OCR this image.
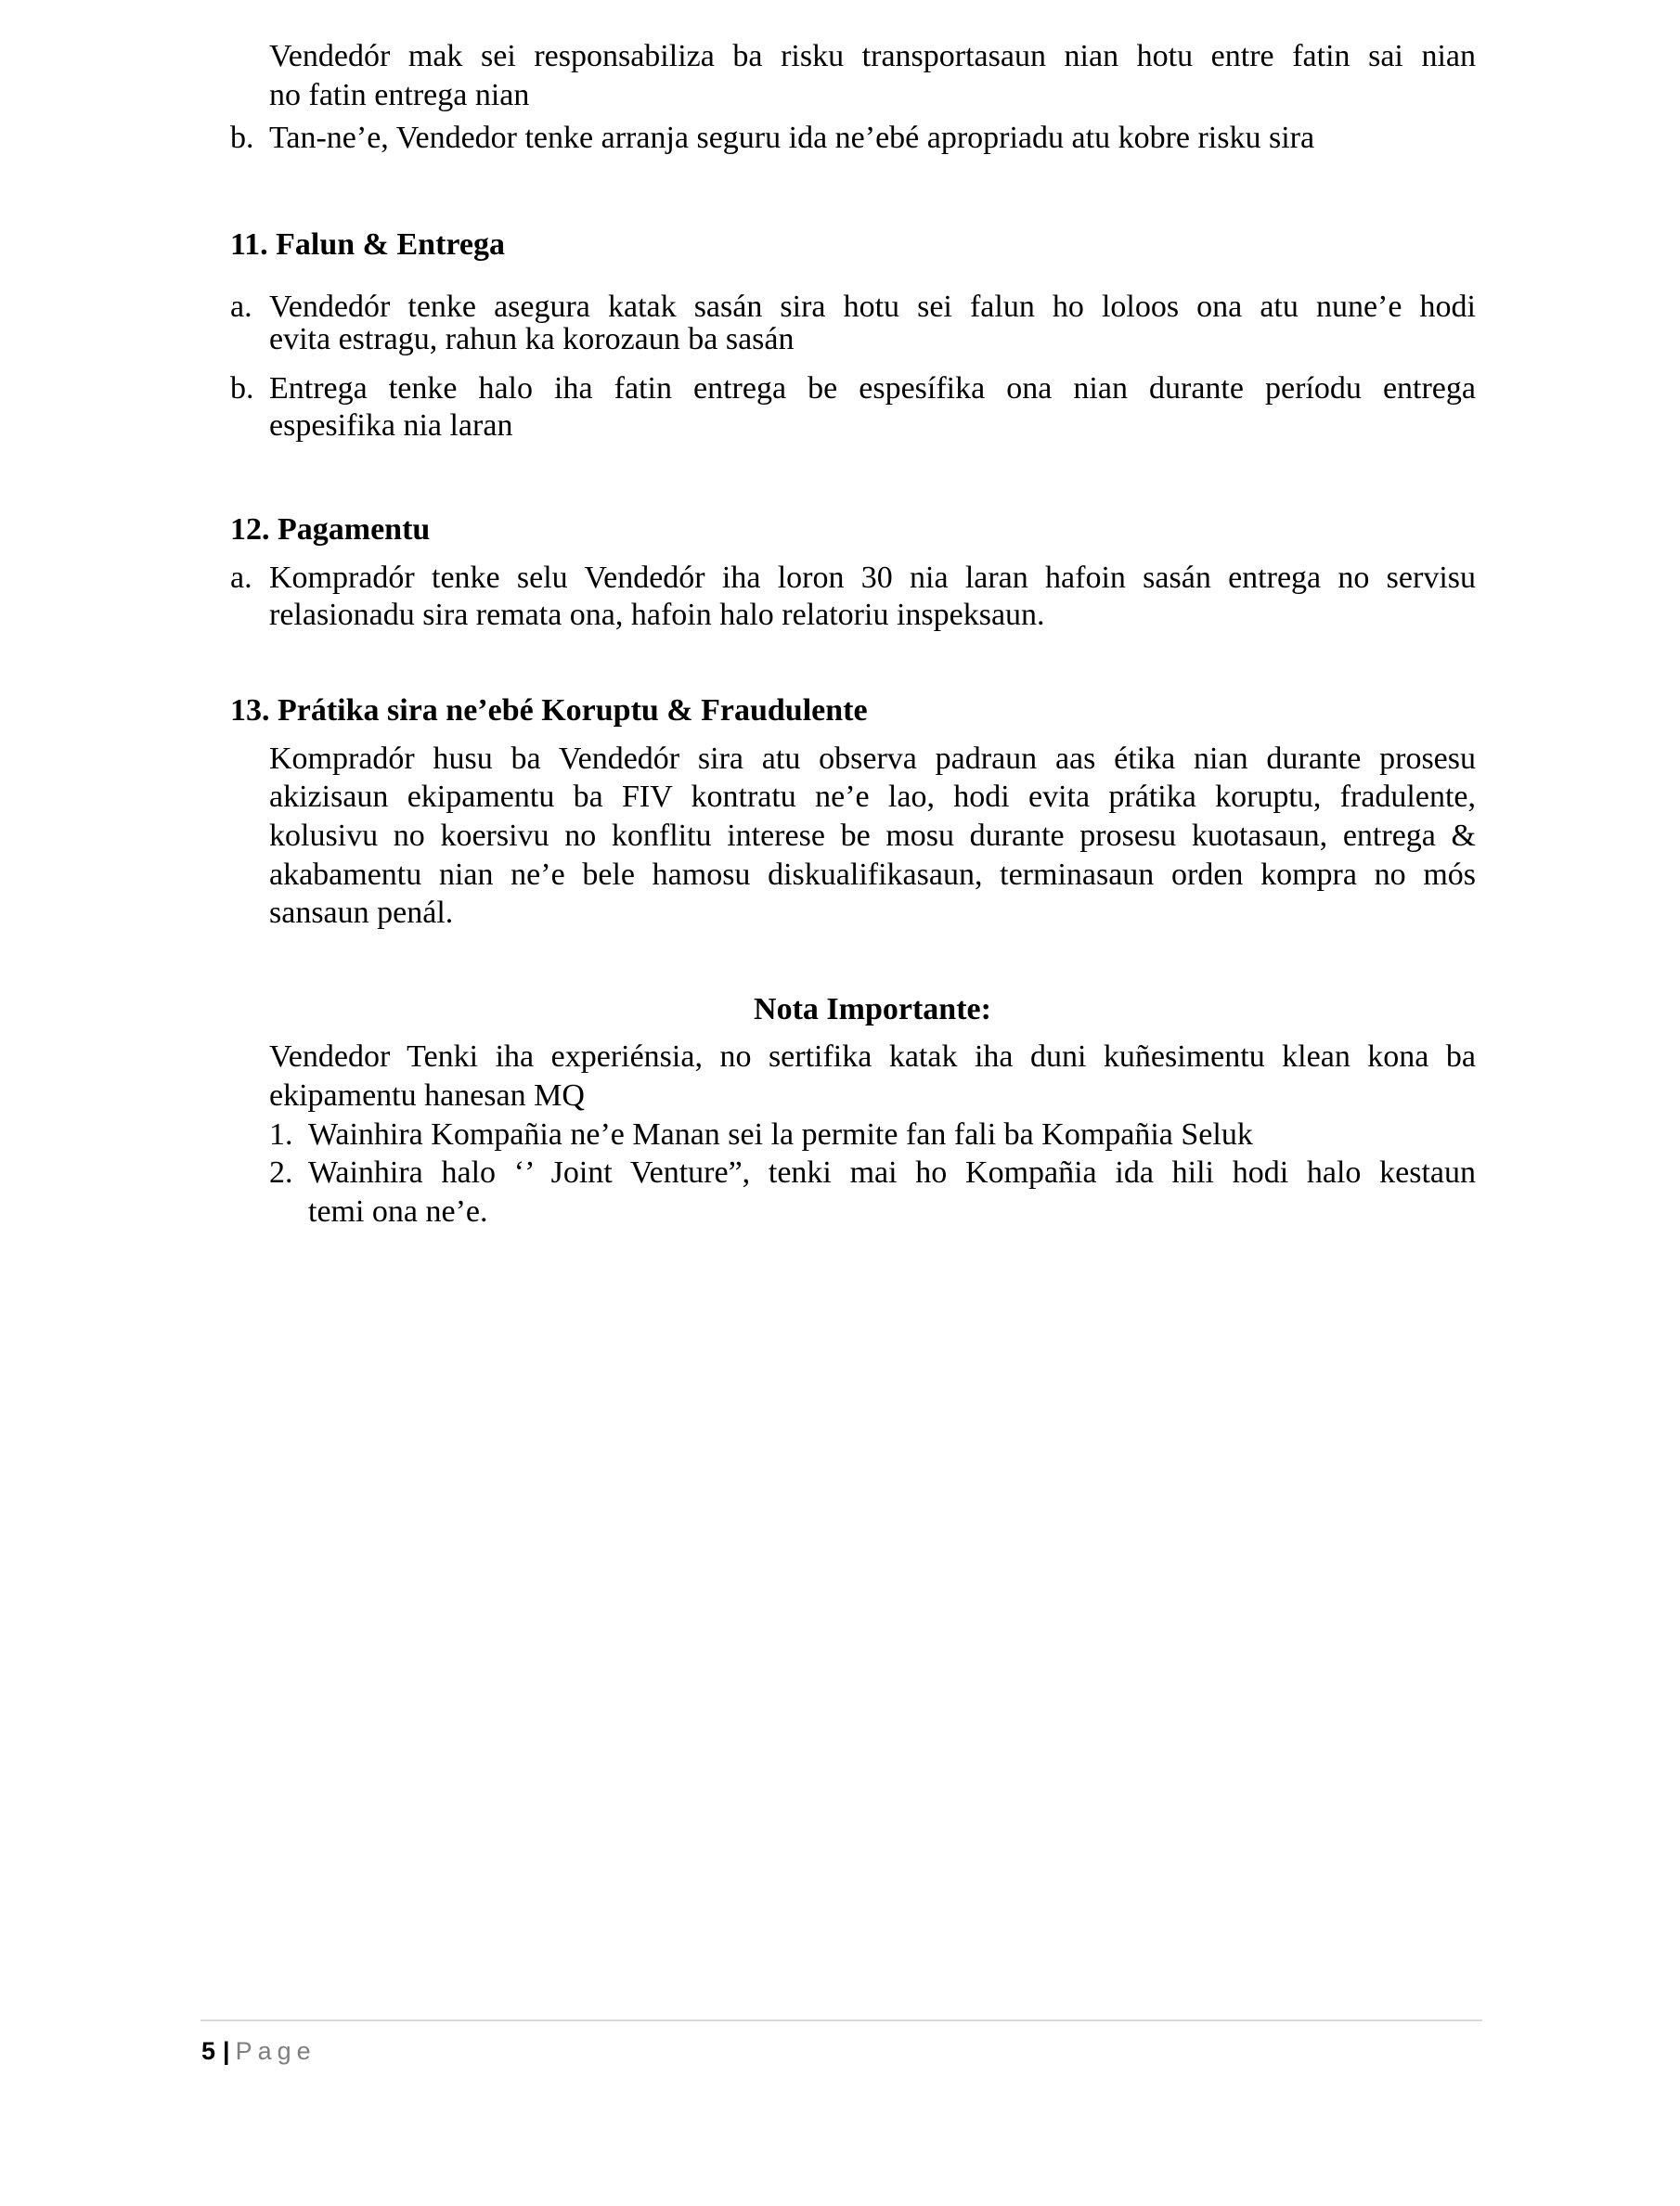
Vendedór mak sei responsabiliza ba risku transportasaun nian hotu entre fatin sai nian
no fatin entrega nian
b. Tan-ne’e, Vendedor tenke arranja seguru ida ne’ebé apropriadu atu kobre risku sira
11. Falun & Entrega
a. Vendedór tenke asegura katak sasán sira hotu sei falun ho loloos ona atu nune’e hodi
evita estragu, rahun ka korozaun ba sasán
b. Entrega tenke halo iha fatin entrega be espesífika ona nian durante períodu entrega
espesifika nia laran
12. Pagamentu
a. Kompradór tenke selu Vendedór iha loron 30 nia laran hafoin sasán entrega no servisu
relasionadu sira remata ona, hafoin halo relatoriu inspeksaun.
13. Prátika sira ne’ebé Koruptu & Fraudulente
Kompradór husu ba Vendedór sira atu observa padraun aas étika nian durante prosesu
akizisaun ekipamentu ba FIV kontratu ne’e lao, hodi evita prátika koruptu, fradulente,
kolusivu no koersivu no konflitu interese be mosu durante prosesu kuotasaun, entrega &
akabamentu nian ne’e bele hamosu diskualifikasaun, terminasaun orden kompra no mós
sansaun penál.
Nota Importante:
Vendedor Tenki iha experiénsia, no sertifika katak iha duni kuñesimentu klean kona ba
ekipamentu hanesan MQ
1. Wainhira Kompañia ne’e Manan sei la permite fan fali ba Kompañia Seluk
2. Wainhira halo ‘’ Joint Venture”, tenki mai ho Kompañia ida hili hodi halo kestaun
temi ona ne’e.
5 | Page
